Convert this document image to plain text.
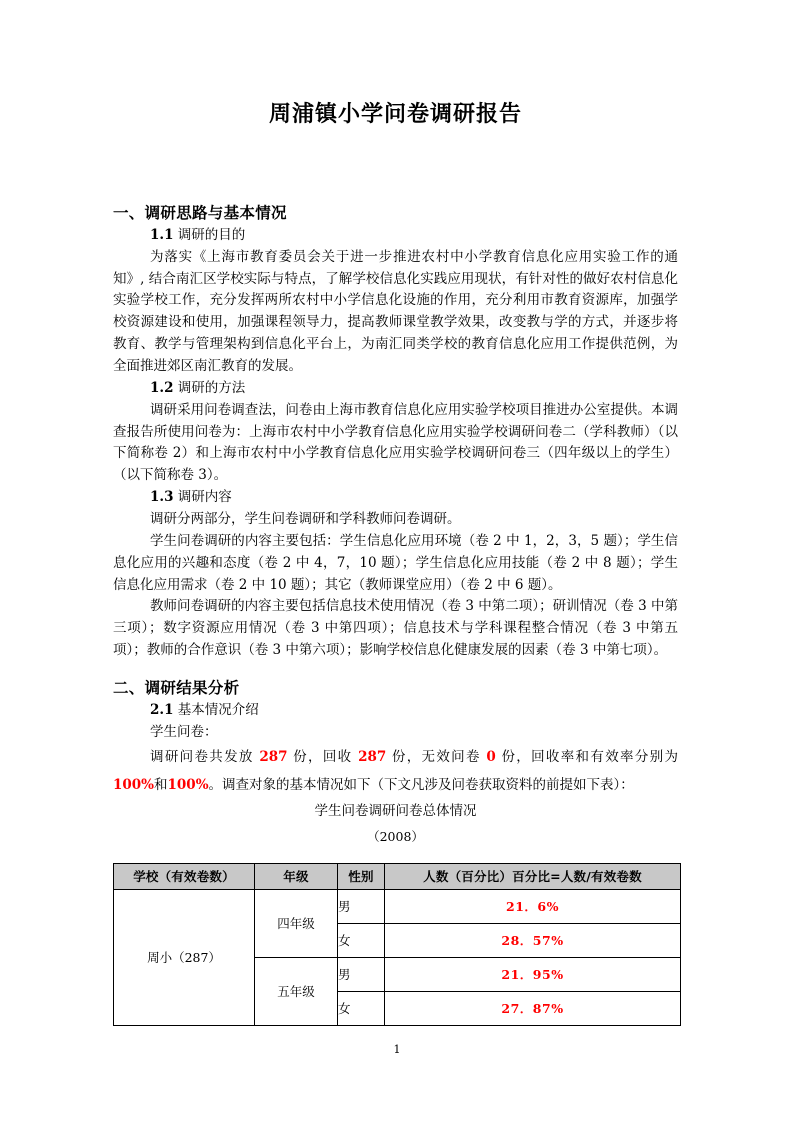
周浦镇小学问卷调研报告
一、调研思路与基本情况
1.1 调研的目的

为落实《上海市教育委员会关于进一步推进农村中小学教育信息化应用实验工作的通知》, 结合南汇区学校实际与特点，了解学校信息化实践应用现状，有针对性的做好农村信息化实验学校工作，充分发挥两所农村中小学信息化设施的作用，充分利用市教育资源库，加强学校资源建设和使用，加强课程领导力，提高教师课堂教学效果，改变教与学的方式，并逐步将教育、教学与管理架构到信息化平台上，为南汇同类学校的教育信息化应用工作提供范例，为全面推进郊区南汇教育的发展。

1.2 调研的方法

调研采用问卷调查法，问卷由上海市教育信息化应用实验学校项目推进办公室提供。本调查报告所使用问卷为：上海市农村中小学教育信息化应用实验学校调研问卷二（学科教师）（以下简称卷 2）和上海市农村中小学教育信息化应用实验学校调研问卷三（四年级以上的学生）（以下简称卷 3）。

1.3 调研内容

调研分两部分，学生问卷调研和学科教师问卷调研。

学生问卷调研的内容主要包括：学生信息化应用环境（卷 2 中 1，2，3，5 题）；学生信息化应用的兴趣和态度（卷 2 中 4，7，10 题）；学生信息化应用技能（卷 2 中 8 题）；学生信息化应用需求（卷 2 中 10 题）；其它（教师课堂应用）（卷 2 中 6 题）。

教师问卷调研的内容主要包括信息技术使用情况（卷 3 中第二项）；研训情况（卷 3 中第三项）；数字资源应用情况（卷 3 中第四项）；信息技术与学科课程整合情况（卷 3 中第五项）；教师的合作意识（卷 3 中第六项）；影响学校信息化健康发展的因素（卷 3 中第七项）。

二、调研结果分析
2.1 基本情况介绍

学生问卷：

调研问卷共发放 287 份，回收 287 份，无效问卷 0 份，回收率和有效率分别为 100%和100%。调查对象的基本情况如下（下文凡涉及问卷获取资料的前提如下表）：

学生问卷调研问卷总体情况
（2008）
学校（有效卷数）	年级	性别	人数（百分比）百分比=人数/有效卷数
周小（287）	四年级	男	21．6%
		女	28．57%
	五年级	男	21．95%
		女	27．87%
1
